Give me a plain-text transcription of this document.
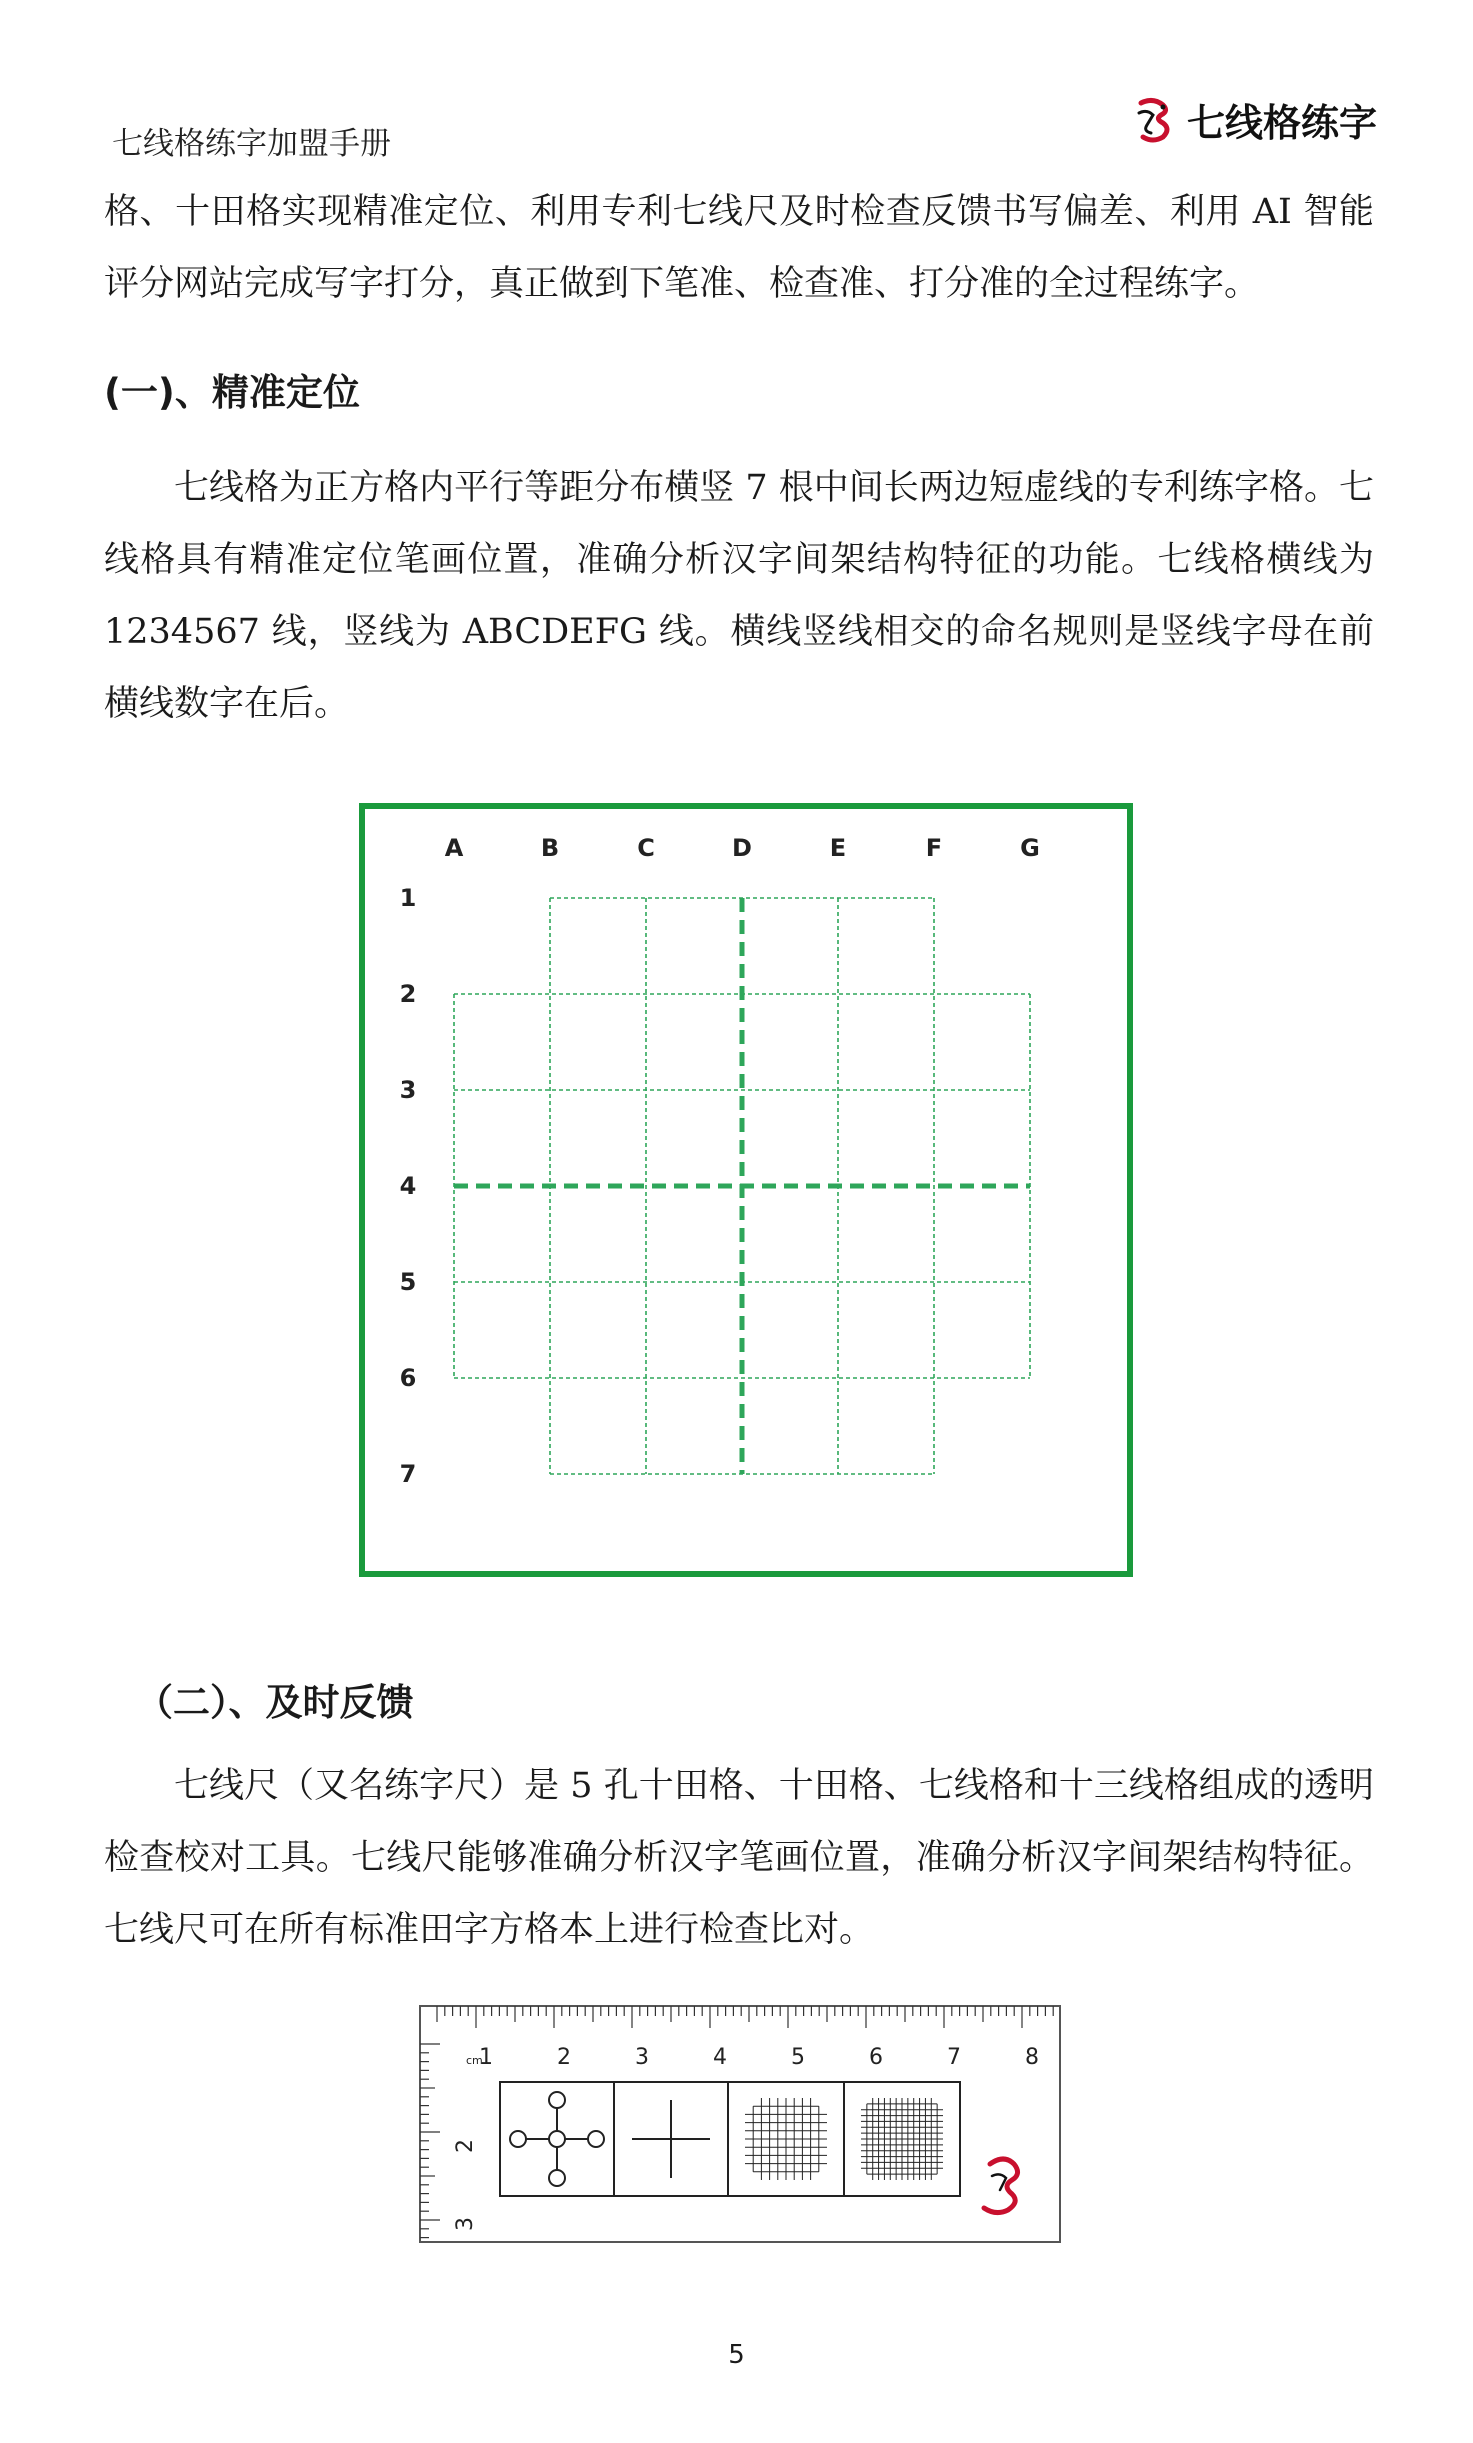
七线格练字加盟手册	七线格练字
格、十田格实现精准定位、利用专利七线尺及时检查反馈书写偏差、利用 AI 智能评分网站完成写字打分，真正做到下笔准、检查准、打分准的全过程练字。
(一)、精准定位
七线格为正方格内平行等距分布横竖 7 根中间长两边短虚线的专利练字格。七线格具有精准定位笔画位置，准确分析汉字间架结构特征的功能。七线格横线为 1234567 线，竖线为 ABCDEFG 线。横线竖线相交的命名规则是竖线字母在前横线数字在后。
A	B	C	D	E	F	G
1
2
3
4
5
6
7
（二）、及时反馈
七线尺（又名练字尺）是 5 孔十田格、十田格、七线格和十三线格组成的透明检查校对工具。七线尺能够准确分析汉字笔画位置，准确分析汉字间架结构特征。七线尺可在所有标准田字方格本上进行检查比对。
cm
1	2	3	4	5	6	7	8
2
3
5
